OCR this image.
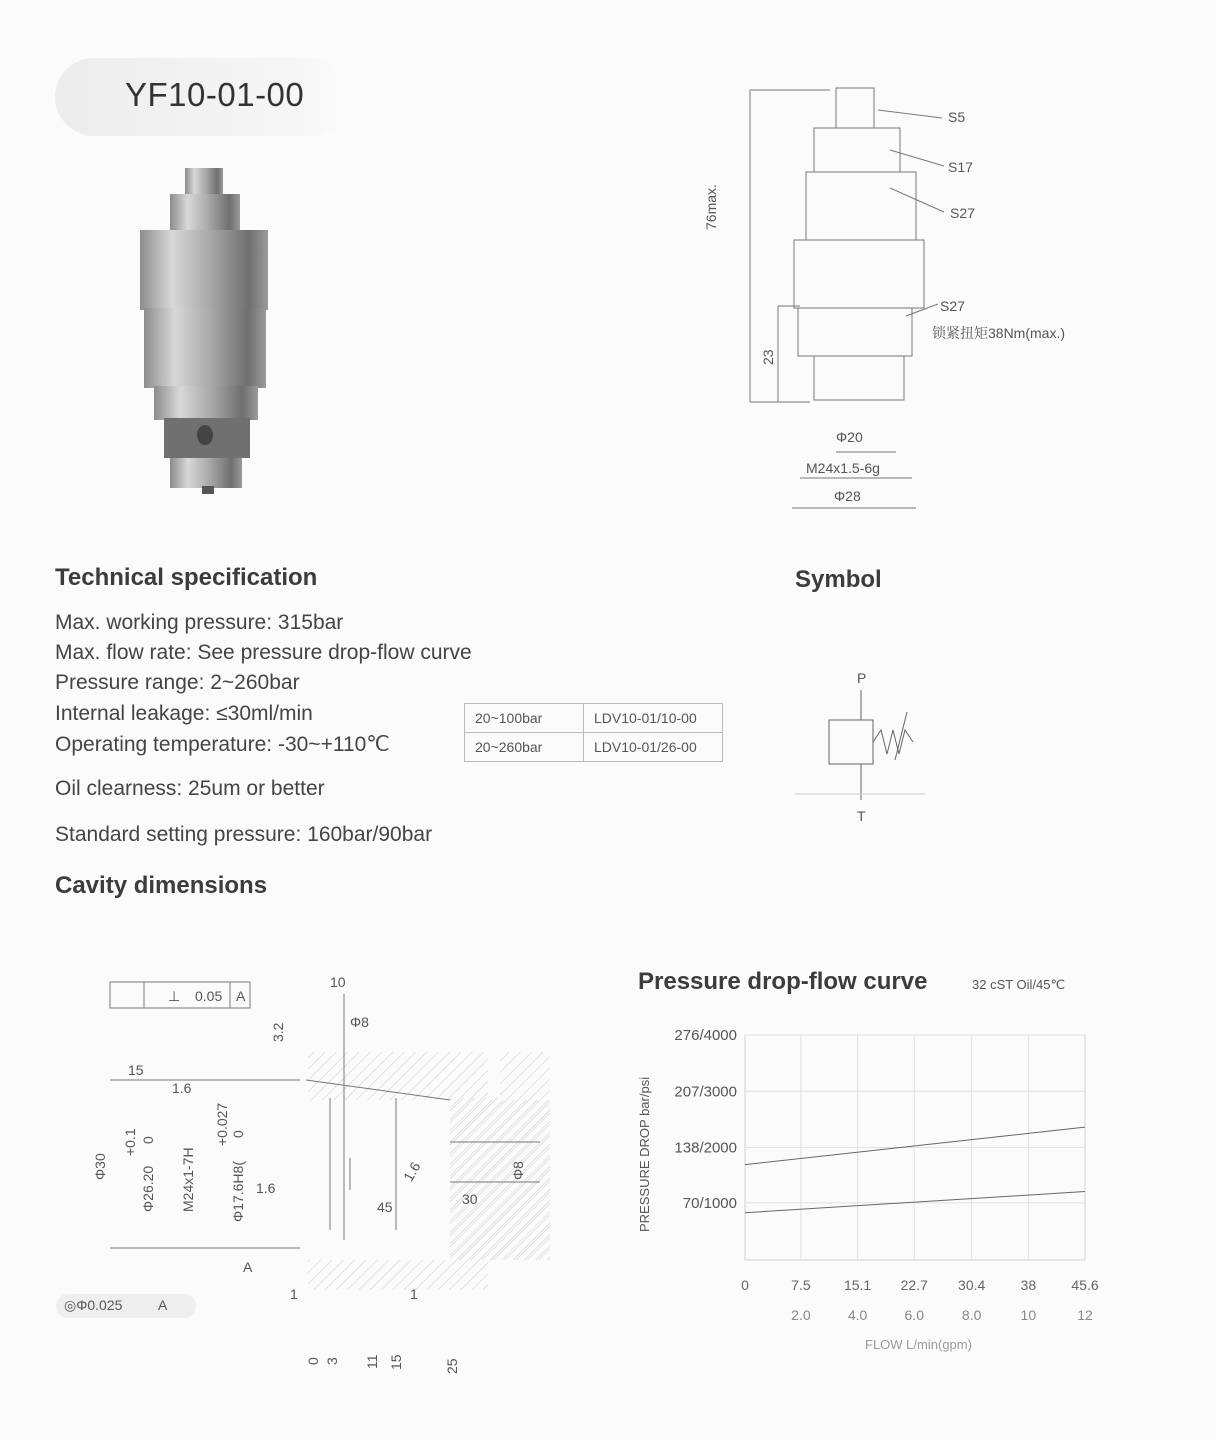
YF10-01-00
S5
S17
S27
S27
锁紧扭矩38Nm(max.)
76max.
23
Φ20
M24x1.5-6g
Φ28
Technical specification
Max. working pressure: 315bar
Max. flow rate: See pressure drop-flow curve
Pressure range: 2~260bar
Internal leakage: ≤30ml/min
Operating temperature: -30~+110℃
Oil clearness: 25um or better
Standard setting pressure: 160bar/90bar
20~100bar	LDV10-01/10-00
20~260bar	LDV10-01/26-00
Symbol
P
T
Cavity dimensions
⊥ 0.05 A
10
Φ8
3.2
15
1.6
+0.027 0
Φ30
+0.1 0
Φ26.20 M24x1-7H Φ17.6H8( 1.6
1.6
45	30
Φ8
A
◎Φ0.025	A
1	1
0 3 11 15	25
Pressure drop-flow curve	32 cST Oil/45℃
PRESSURE DROP bar/psi
FLOW L/min(gpm)
70/1000
138/2000
207/3000
276/4000
0	7.5 15.1 22.7 30.4	38	45.6
2.0	4.0	6.0	8.0	10	12
